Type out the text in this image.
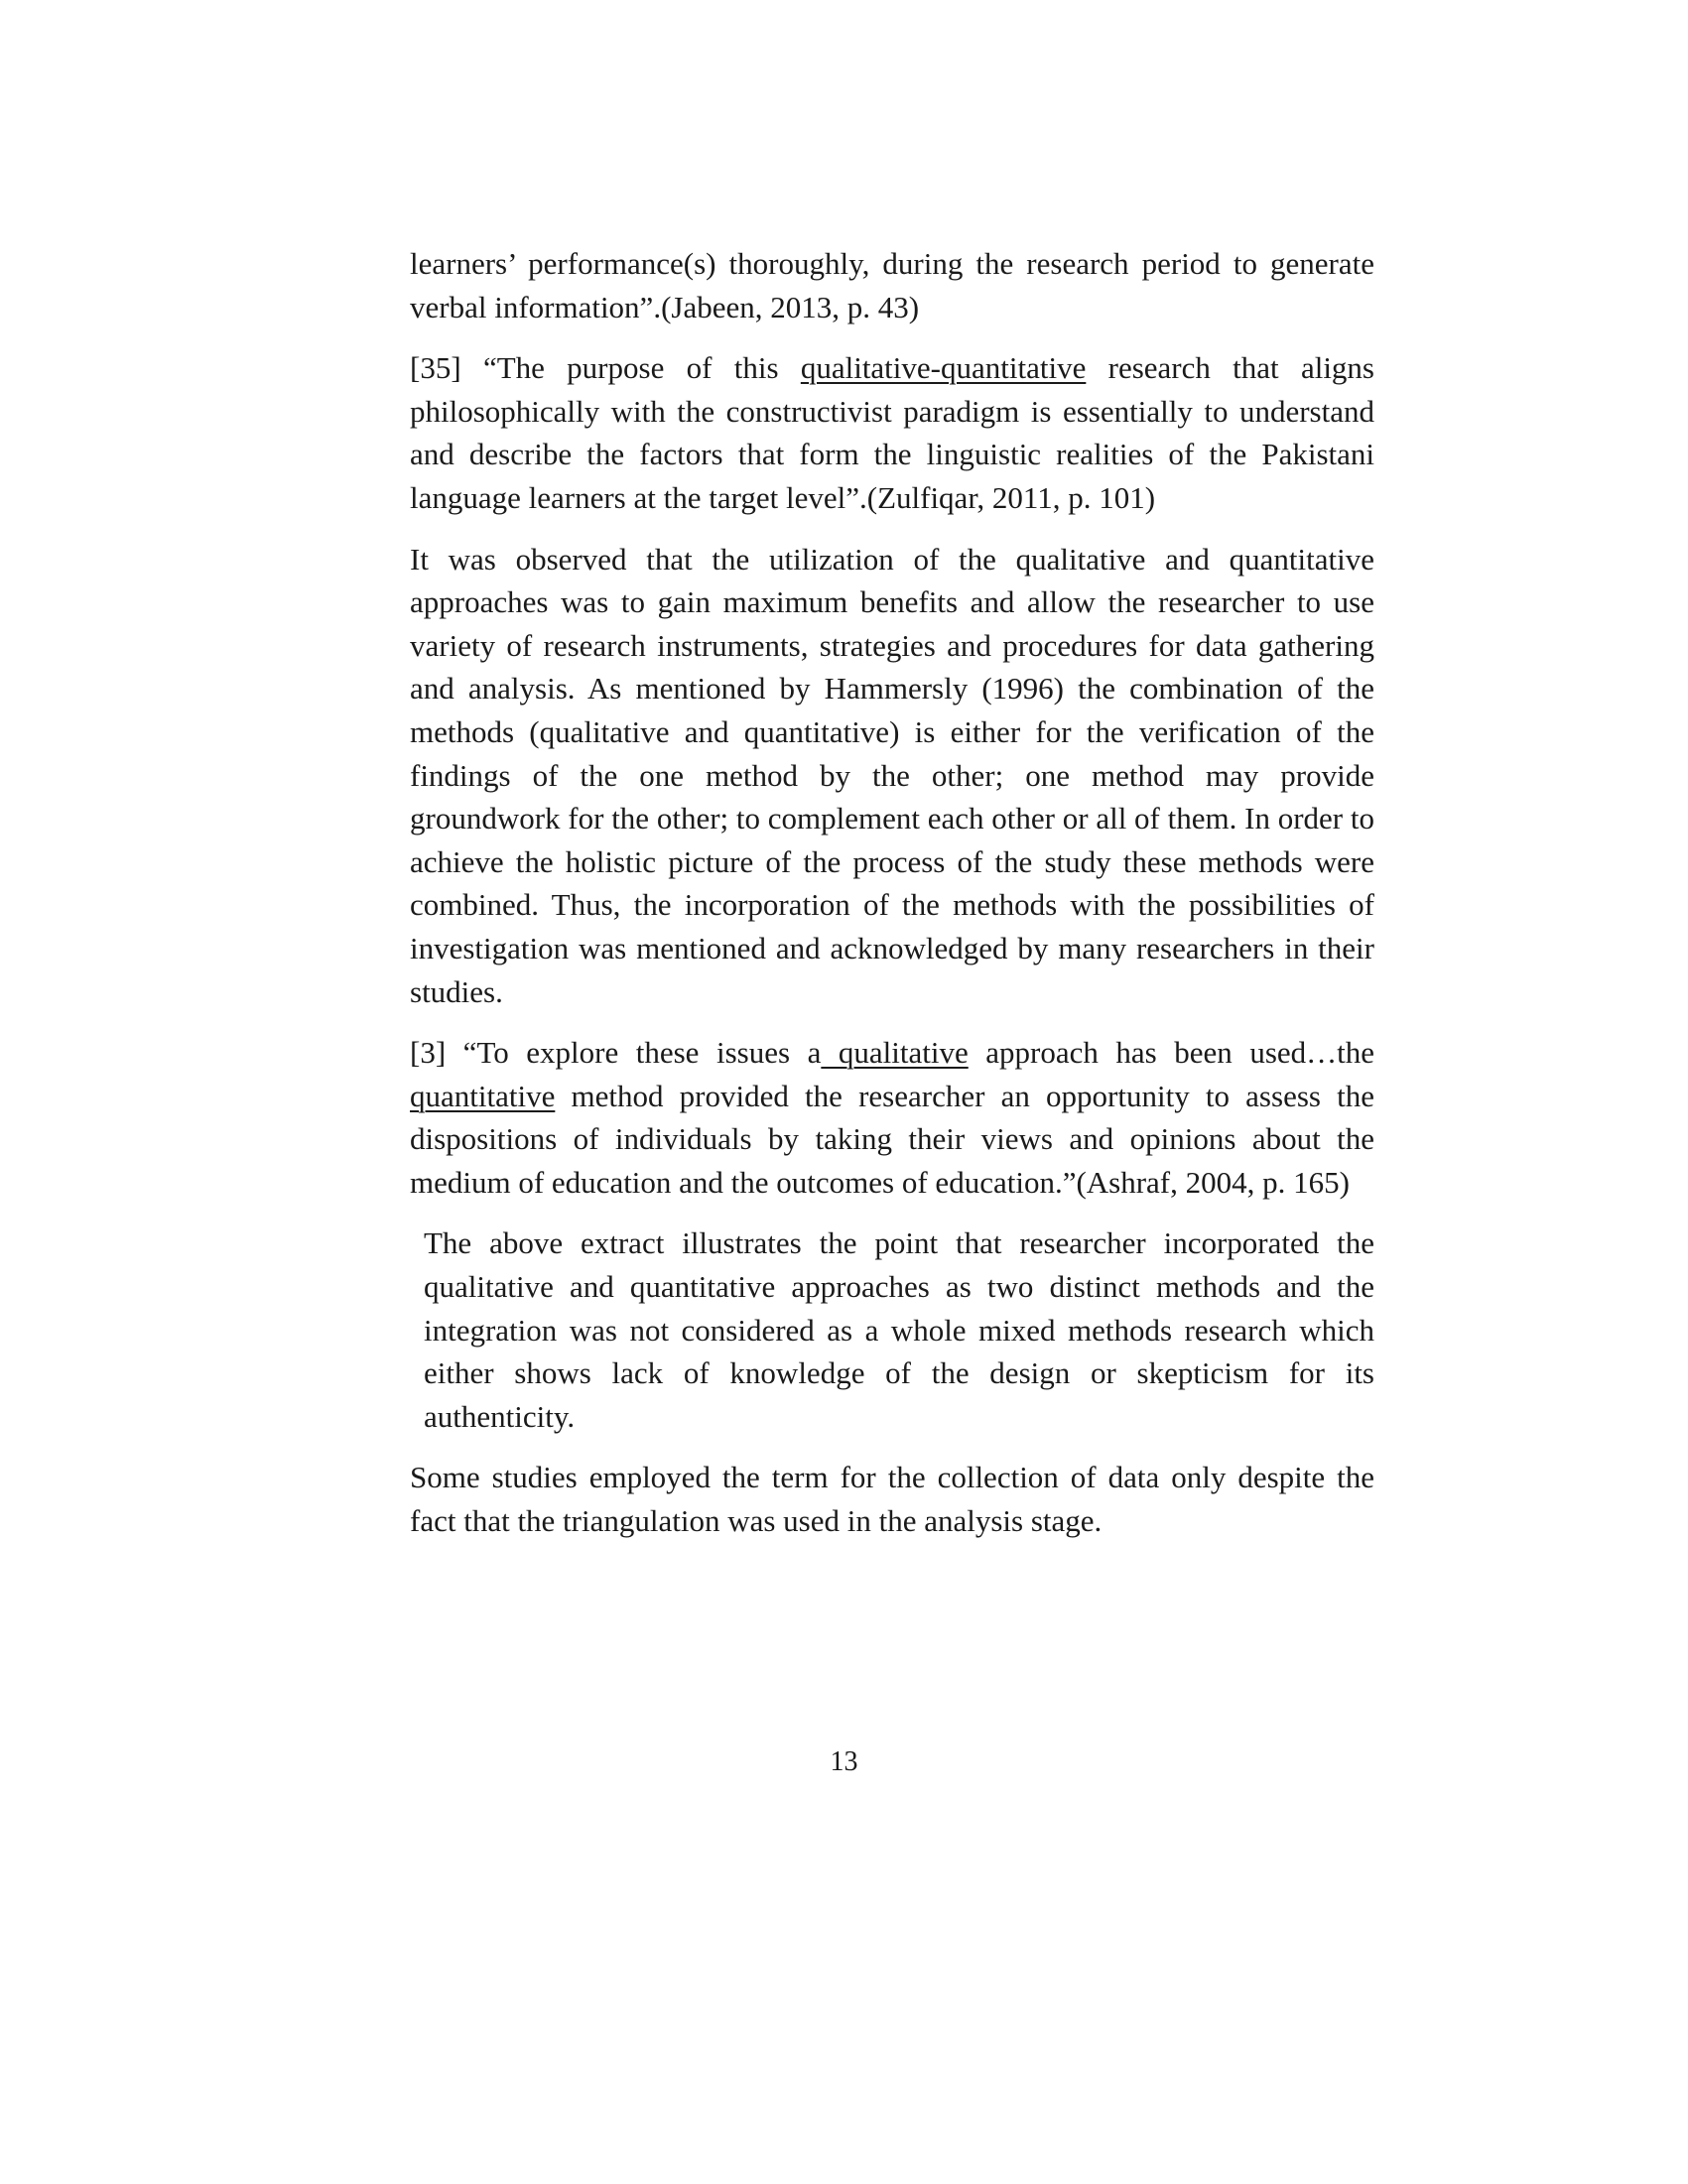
learners’ performance(s) thoroughly, during the research period to generate verbal information”.(Jabeen, 2013, p. 43)

[35] “The purpose of this qualitative-quantitative research that aligns philosophically with the constructivist paradigm is essentially to understand and describe the factors that form the linguistic realities of the Pakistani language learners at the target level”.(Zulfiqar, 2011, p. 101)

It was observed that the utilization of the qualitative and quantitative approaches was to gain maximum benefits and allow the researcher to use variety of research instruments, strategies and procedures for data gathering and analysis. As mentioned by Hammersly (1996) the combination of the methods (qualitative and quantitative) is either for the verification of the findings of the one method by the other; one method may provide groundwork for the other; to complement each other or all of them. In order to achieve the holistic picture of the process of the study these methods were combined. Thus, the incorporation of the methods with the possibilities of investigation was mentioned and acknowledged by many researchers in their studies.

[3] “To explore these issues a qualitative approach has been used…the quantitative method provided the researcher an opportunity to assess the dispositions of individuals by taking their views and opinions about the medium of education and the outcomes of education.”(Ashraf, 2004, p. 165)

The above extract illustrates the point that researcher incorporated the qualitative and quantitative approaches as two distinct methods and the integration was not considered as a whole mixed methods research which either shows lack of knowledge of the design or skepticism for its authenticity.

Some studies employed the term for the collection of data only despite the fact that the triangulation was used in the analysis stage.

13
